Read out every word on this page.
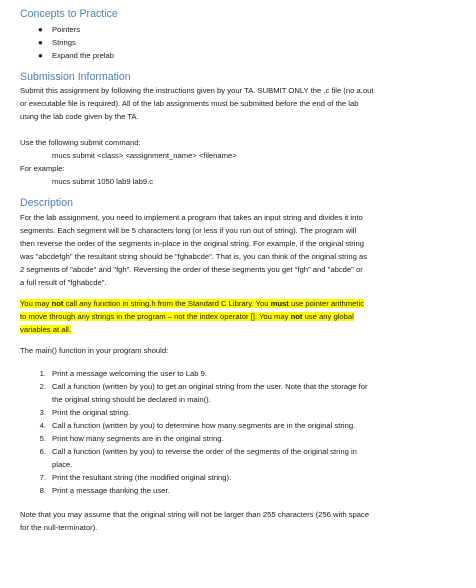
Concepts to Practice
● Pointers
● Strings
● Expand the prelab
Submission Information
Submit this assignment by following the instructions given by your TA. SUBMIT ONLY the .c file (no a.out
or executable file is required). All of the lab assignments must be submitted before the end of the lab
using the lab code given by the TA.
Use the following submit command:
mucs submit <class> <assignment_name> <filename>
For example:
mucs submit 1050 lab9 lab9.c
Description
For the lab assignment, you need to implement a program that takes an input string and divides it into
segments. Each segment will be 5 characters long (or less if you run out of string). The program will
then reverse the order of the segments in-place in the original string. For example, if the original string
was "abcdefgh" the resultant string should be "fghabcde". That is, you can think of the original string as
2 segments of "abcde" and "fgh". Reversing the order of these segments you get "fgh" and "abcde" or
a full result of "fghabcde".
You may not call any function in string.h from the Standard C Library. You must use pointer arithmetic
to move through any strings in the program – not the index operator []. You may not use any global
variables at all.
The main() function in your program should:
1. Print a message welcoming the user to Lab 9.
2. Call a function (written by you) to get an original string from the user. Note that the storage for
the original string should be declared in main().
3. Print the original string.
4. Call a function (written by you) to determine how many segments are in the original string.
5. Print how many segments are in the original string.
6. Call a function (written by you) to reverse the order of the segments of the original string in
place.
7. Print the resultant string (the modified original string).
8. Print a message thanking the user.
Note that you may assume that the original string will not be larger than 255 characters (256 with space
for the null-terminator).
